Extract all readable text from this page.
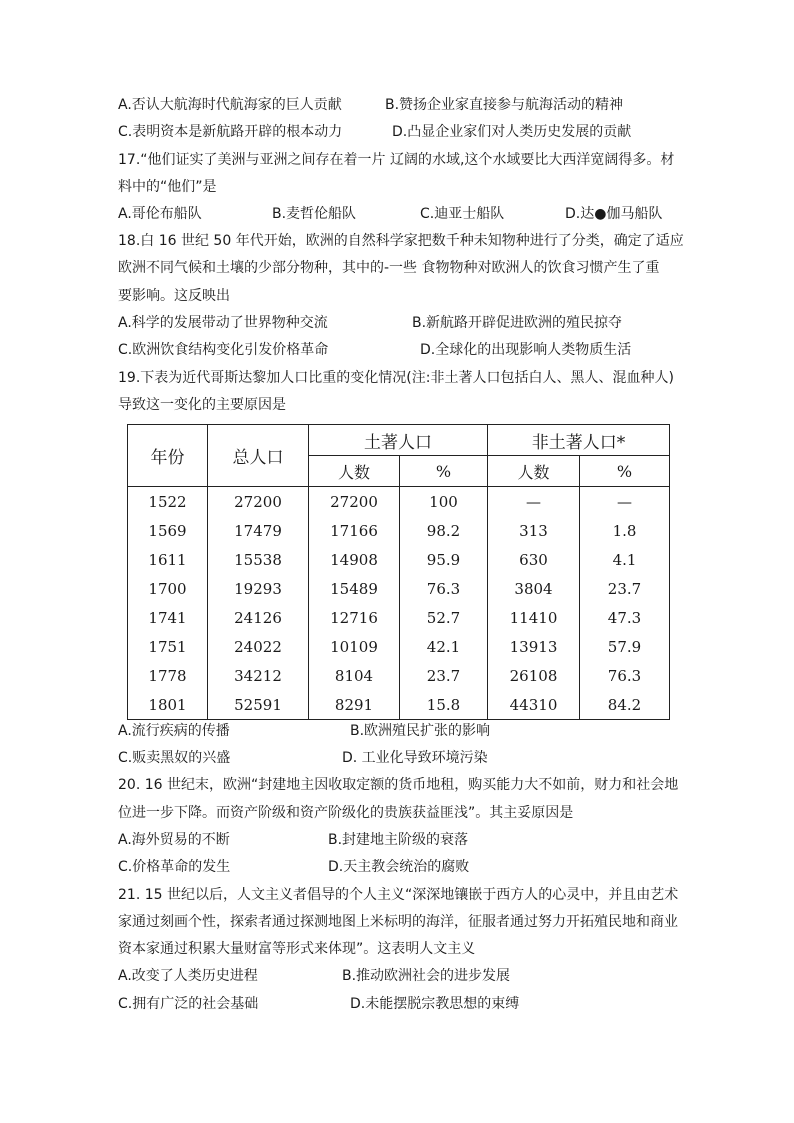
A.否认大航海时代航海家的巨人贡献	B.赞扬企业家直接参与航海活动的精神
C.表明资本是新航路开辟的根本动力	D.凸显企业家们对人类历史发展的贡献
17.“他们证实了美洲与亚洲之间存在着一片 辽阔的水域,这个水域要比大西洋宽阔得多。材
料中的“他们”是
A.哥伦布船队	B.麦哲伦船队	C.迪亚士船队	D.达●伽马船队
18.白 16 世纪 50 年代开始，欧洲的自然科学家把数千种未知物种进行了分类，确定了适应
欧洲不同气候和土壤的少部分物种，其中的-一些 食物物种对欧洲人的饮食习惯产生了重
要影响。这反映出
A.科学的发展带动了世界物种交流	B.新航路开辟促进欧洲的殖民掠夺
C.欧洲饮食结构变化引发价格革命	D.全球化的出现影响人类物质生活
19.下表为近代哥斯达黎加人口比重的变化情况(注:非土著人口包括白人、黑人、混血种人)
导致这一变化的主要原因是
年份	总人口	土著人口		非土著人口*	
		人数	%	人数	%
1522	27200	27200	100	—	—
1569	17479	17166	98.2	313	1.8
1611	15538	14908	95.9	630	4.1
1700	19293	15489	76.3	3804	23.7
1741	24126	12716	52.7	11410	47.3
1751	24022	10109	42.1	13913	57.9
1778	34212	8104	23.7	26108	76.3
1801	52591	8291	15.8	44310	84.2
A.流行疾病的传播	B.欧洲殖民扩张的影响
C.贩卖黑奴的兴盛	D. 工业化导致环境污染
20. 16 世纪末，欧洲“封建地主因收取定额的货币地租，购买能力大不如前，财力和社会地
位进一步下降。而资产阶级和资产阶级化的贵族获益匪浅”。其主妥原因是
A.海外贸易的不断	B.封建地主阶级的衰落
C.价格革命的发生	D.天主教会统治的腐败
21. 15 世纪以后，人文主义者倡导的个人主义“深深地镶嵌于西方人的心灵中，并且由艺术
家通过刻画个性，探索者通过探测地图上米标明的海洋，征服者通过努力开拓殖民地和商业
资本家通过积累大量财富等形式来体现”。这表明人文主义
A.改变了人类历史进程	B.推动欧洲社会的进步发展
C.拥有广泛的社会基础	D.未能摆脱宗教思想的束缚
